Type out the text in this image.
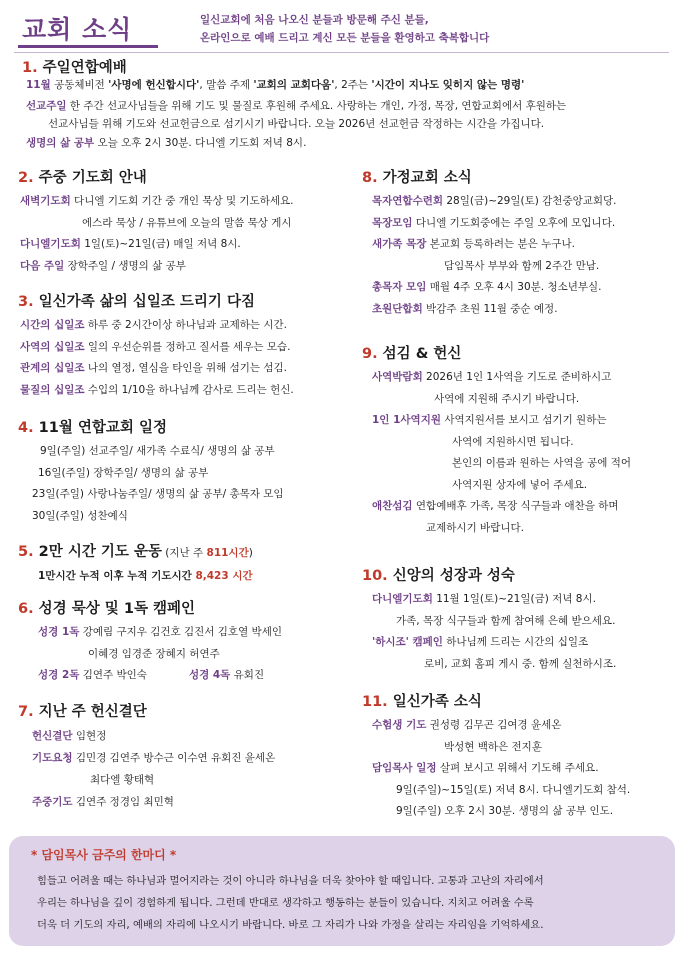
교회 소식	일신교회에 처음 나오신 분들과 방문해 주신 분들,
온라인으로 예배 드리고 계신 모든 분들을 환영하고 축복합니다
1. 주일연합예배
11월 공동체비전 '사명에 헌신합시다', 말씀 주제 '교회의 교회다움', 2주는 '시간이 지나도 잊히지 않는 명령'
선교주일 한 주간 선교사님들을 위해 기도 및 물질로 후원해 주세요. 사랑하는 개인, 가정, 목장, 연합교회에서 후원하는
선교사님들 위해 기도와 선교헌금으로 섬기시기 바랍니다. 오늘 2026년 선교헌금 작정하는 시간을 가집니다.
생명의 삶 공부 오늘 오후 2시 30분. 다니엘 기도회 저녁 8시.
2. 주중 기도회 안내
새벽기도회 다니엘 기도회 기간 중 개인 묵상 및 기도하세요.
에스라 묵상 / 유튜브에 오늘의 말씀 묵상 게시
다니엘기도회 1일(토)~21일(금) 매일 저녁 8시.
다음 주일 장학주일 / 생명의 삶 공부
3. 일신가족 삶의 십일조 드리기 다짐
시간의 십일조 하루 중 2시간이상 하나님과 교제하는 시간.
사역의 십일조 일의 우선순위를 정하고 질서를 세우는 모습.
관계의 십일조 나의 열정, 열심을 타인을 위해 섬기는 섬김.
물질의 십일조 수입의 1/10을 하나님께 감사로 드리는 헌신.
4. 11월 연합교회 일정
9일(주일) 선교주일/ 새가족 수료식/ 생명의 삶 공부
16일(주일) 장학주일/ 생명의 삶 공부
23일(주일) 사랑나눔주일/ 생명의 삶 공부/ 총목자 모임
30일(주일) 성찬예식
5. 2만 시간 기도 운동 (지난 주 811시간)
1만시간 누적 이후 누적 기도시간 8,423 시간
6. 성경 묵상 및 1독 캠페인
성경 1독 강예림 구지우 김건호 김진서 김호열 박세인
이혜경 임경준 장혜지 허연주
성경 2독 김연주 박인숙	성경 4독 유회진
7. 지난 주 헌신결단
헌신결단 임현정
기도요청 김민경 김연주 방수근 이수연 유회진 윤세온
최다엘 황태혁
주중기도 김연주 정경임 최민혁
8. 가정교회 소식
목자연합수련회 28일(금)~29일(토) 감천중앙교회당.
목장모임 다니엘 기도회중에는 주일 오후에 모입니다.
새가족 목장 본교회 등록하려는 분은 누구나.
담임목사 부부와 함께 2주간 만남.
총목자 모임 매월 4주 오후 4시 30분. 청소년부실.
초원단합회 박감주 초원 11월 중순 예정.
9. 섬김 & 헌신
사역박람회 2026년 1인 1사역을 기도로 준비하시고
사역에 지원해 주시기 바랍니다.
1인 1사역지원 사역지원서를 보시고 섬기기 원하는
사역에 지원하시면 됩니다.
본인의 이름과 원하는 사역을 공에 적어
사역지원 상자에 넣어 주세요.
애찬섬김 연합예배후 가족, 목장 식구들과 애찬을 하며
교제하시기 바랍니다.
10. 신앙의 성장과 성숙
다니엘기도회 11월 1일(토)~21일(금) 저녁 8시.
가족, 목장 식구들과 함께 참여해 은혜 받으세요.
'하시조' 캠페인 하나님께 드리는 시간의 십일조
로비, 교회 홈피 게시 중. 함께 실천하시조.
11. 일신가족 소식
수험생 기도 권성령 김무곤 김여경 윤세온
박성현 백하은 전지훈
담임목사 일정 살펴 보시고 위해서 기도해 주세요.
9일(주일)~15일(토) 저녁 8시. 다니엘기도회 참석.
9일(주일) 오후 2시 30분. 생명의 삶 공부 인도.
* 담임목사 금주의 한마디 *
힘들고 어려울 때는 하나님과 멀어지라는 것이 아니라 하나님을 더욱 찾아야 할 때입니다. 고통과 고난의 자리에서
우리는 하나님을 깊이 경험하게 됩니다. 그런데 반대로 생각하고 행동하는 분들이 있습니다. 지치고 어려울 수록
더욱 더 기도의 자리, 예배의 자리에 나오시기 바랍니다. 바로 그 자리가 나와 가정을 살리는 자리임을 기억하세요.
